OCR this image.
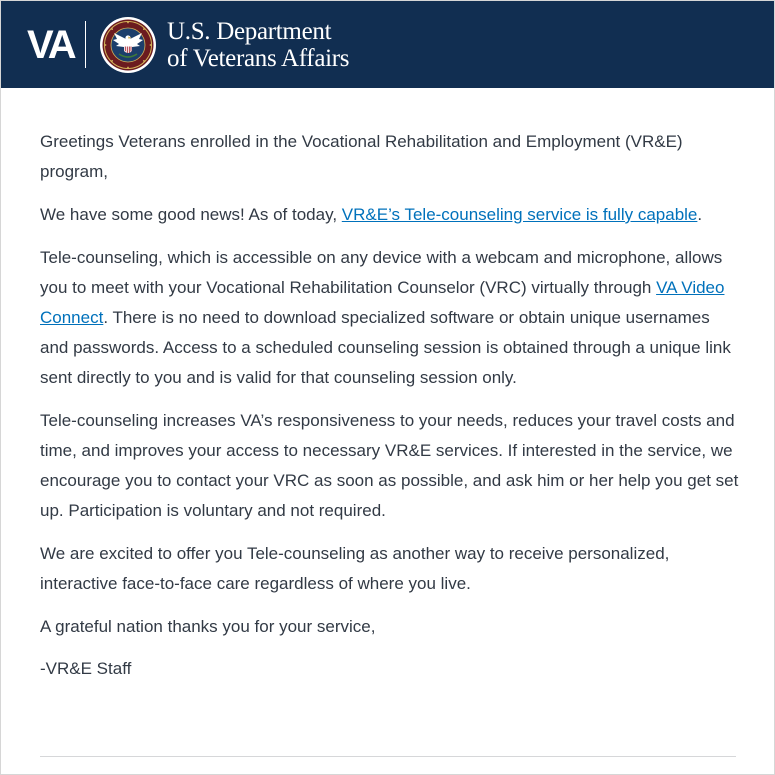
VA	U.S. Department
of Veterans Affairs

Greetings Veterans enrolled in the Vocational Rehabilitation and Employment (VR&E) program,

We have some good news! As of today, VR&E’s Tele-counseling service is fully capable.

Tele-counseling, which is accessible on any device with a webcam and microphone, allows you to meet with your Vocational Rehabilitation Counselor (VRC) virtually through VA Video Connect. There is no need to download specialized software or obtain unique usernames and passwords. Access to a scheduled counseling session is obtained through a unique link sent directly to you and is valid for that counseling session only.

Tele-counseling increases VA’s responsiveness to your needs, reduces your travel costs and time, and improves your access to necessary VR&E services. If interested in the service, we encourage you to contact your VRC as soon as possible, and ask him or her help you get set up. Participation is voluntary and not required.

We are excited to offer you Tele-counseling as another way to receive personalized, interactive face-to-face care regardless of where you live.

A grateful nation thanks you for your service,

-VR&E Staff
